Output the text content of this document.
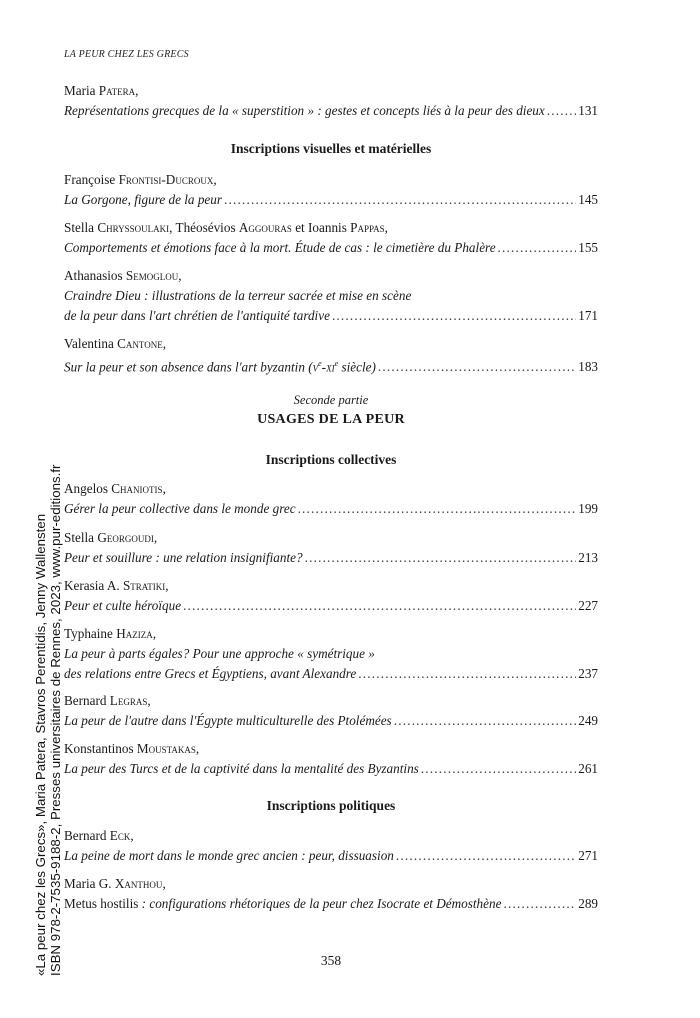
LA PEUR CHEZ LES GRECS
Maria Patera,
Représentations grecques de la « superstition » : gestes et concepts liés à la peur des dieux .....	131
Inscriptions visuelles et matérielles
Françoise Frontisi-Ducroux,
La Gorgone, figure de la peur .....	145
Stella Chryssoulaki, Théosévios Aggouras et Ioannis Pappas,
Comportements et émotions face à la mort. Étude de cas : le cimetière du Phalère .....	155
Athanasios Semoglou,
Craindre Dieu : illustrations de la terreur sacrée et mise en scène
de la peur dans l'art chrétien de l'antiquité tardive .....	171
Valentina Cantone,
Sur la peur et son absence dans l'art byzantin ($v^e-xi^e$ siècle) .....	183
Seconde partie
USAGES DE LA PEUR
Inscriptions collectives
Angelos Chaniotis,
Gérer la peur collective dans le monde grec .....	199
Stella Georgoudi,
Peur et souillure : une relation insignifiante? .....	213
Kerasia A. Stratiki,
Peur et culte héroïque .....	227
Typhaine Haziza,
La peur à parts égales? Pour une approche « symétrique »
des relations entre Grecs et Égyptiens, avant Alexandre .....	237
Bernard Legras,
La peur de l'autre dans l'Égypte multiculturelle des Ptolémées .....	249
Konstantinos Moustakas,
La peur des Turcs et de la captivité dans la mentalité des Byzantins .....	261
Inscriptions politiques
Bernard Eck,
La peine de mort dans le monde grec ancien : peur, dissuasion .....	271
Maria G. Xanthou,
Metus hostilis : configurations rhétoriques de la peur chez Isocrate et Démosthène .....	289
358
«La peur chez les Grecs», Maria Patera, Stavros Perentidis, Jenny Wallensten ISBN 978-2-7535-9188-2, Presses universitaires de Rennes, 2023, www.pur-editions.fr
